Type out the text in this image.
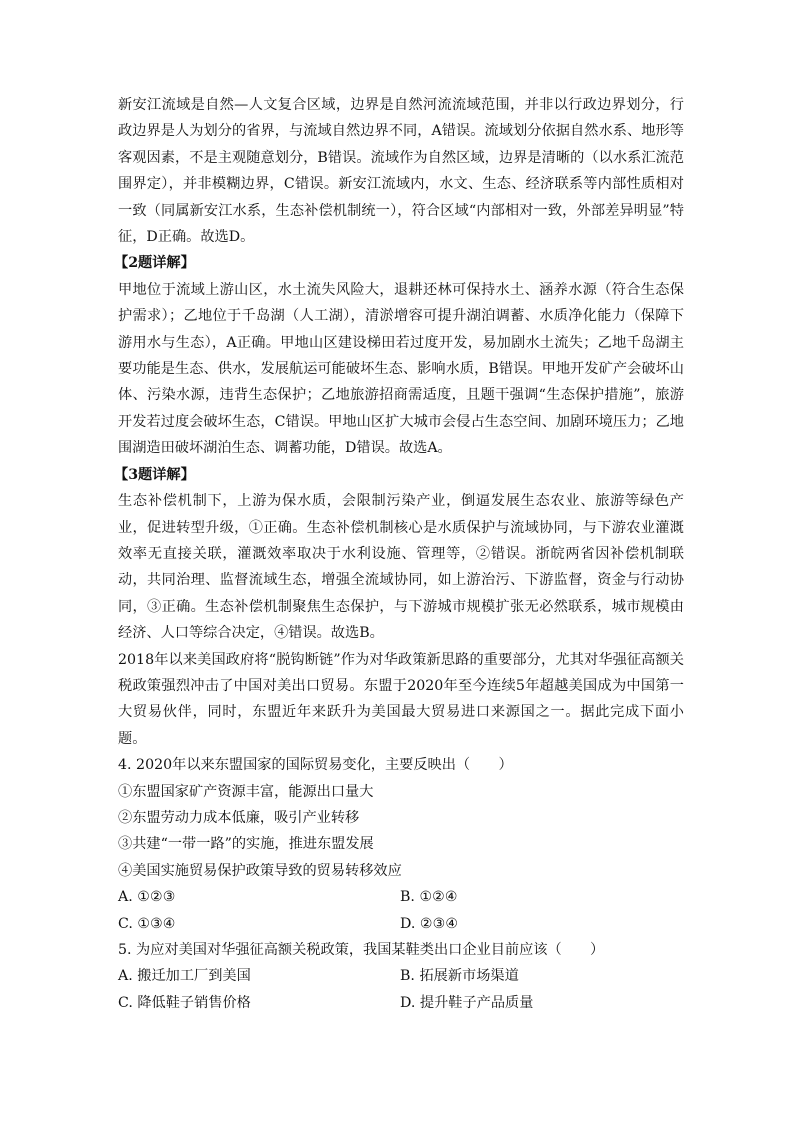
新安江流域是自然—人文复合区域，边界是自然河流流域范围，并非以行政边界划分，行政边界是人为划分的省界，与流域自然边界不同，A错误。流域划分依据自然水系、地形等客观因素，不是主观随意划分，B错误。流域作为自然区域，边界是清晰的（以水系汇流范围界定），并非模糊边界，C错误。新安江流域内，水文、生态、经济联系等内部性质相对一致（同属新安江水系，生态补偿机制统一），符合区域“内部相对一致，外部差异明显”特征，D正确。故选D。

【2题详解】

甲地位于流域上游山区，水土流失风险大，退耕还林可保持水土、涵养水源（符合生态保护需求）；乙地位于千岛湖（人工湖），清淤增容可提升湖泊调蓄、水质净化能力（保障下游用水与生态），A正确。甲地山区建设梯田若过度开发，易加剧水土流失；乙地千岛湖主要功能是生态、供水，发展航运可能破坏生态、影响水质，B错误。甲地开发矿产会破坏山体、污染水源，违背生态保护；乙地旅游招商需适度，且题干强调“生态保护措施”，旅游开发若过度会破坏生态，C错误。甲地山区扩大城市会侵占生态空间、加剧环境压力；乙地围湖造田破坏湖泊生态、调蓄功能，D错误。故选A。

【3题详解】

生态补偿机制下，上游为保水质，会限制污染产业，倒逼发展生态农业、旅游等绿色产业，促进转型升级，①正确。生态补偿机制核心是水质保护与流域协同，与下游农业灌溉效率无直接关联，灌溉效率取决于水利设施、管理等，②错误。浙皖两省因补偿机制联动，共同治理、监督流域生态，增强全流域协同，如上游治污、下游监督，资金与行动协同，③正确。生态补偿机制聚焦生态保护，与下游城市规模扩张无必然联系，城市规模由经济、人口等综合决定，④错误。故选B。

2018年以来美国政府将“脱钩断链”作为对华政策新思路的重要部分，尤其对华强征高额关税政策强烈冲击了中国对美出口贸易。东盟于2020年至今连续5年超越美国成为中国第一大贸易伙伴，同时，东盟近年来跃升为美国最大贸易进口来源国之一。据此完成下面小题。

4. 2020年以来东盟国家的国际贸易变化，主要反映出（　　）

①东盟国家矿产资源丰富，能源出口量大

②东盟劳动力成本低廉，吸引产业转移

③共建“一带一路”的实施，推进东盟发展

④美国实施贸易保护政策导致的贸易转移效应

A. ①②③	B. ①②④
C. ①③④	D. ②③④

5. 为应对美国对华强征高额关税政策，我国某鞋类出口企业目前应该（　　）

A. 搬迁加工厂到美国	B. 拓展新市场渠道
C. 降低鞋子销售价格	D. 提升鞋子产品质量
